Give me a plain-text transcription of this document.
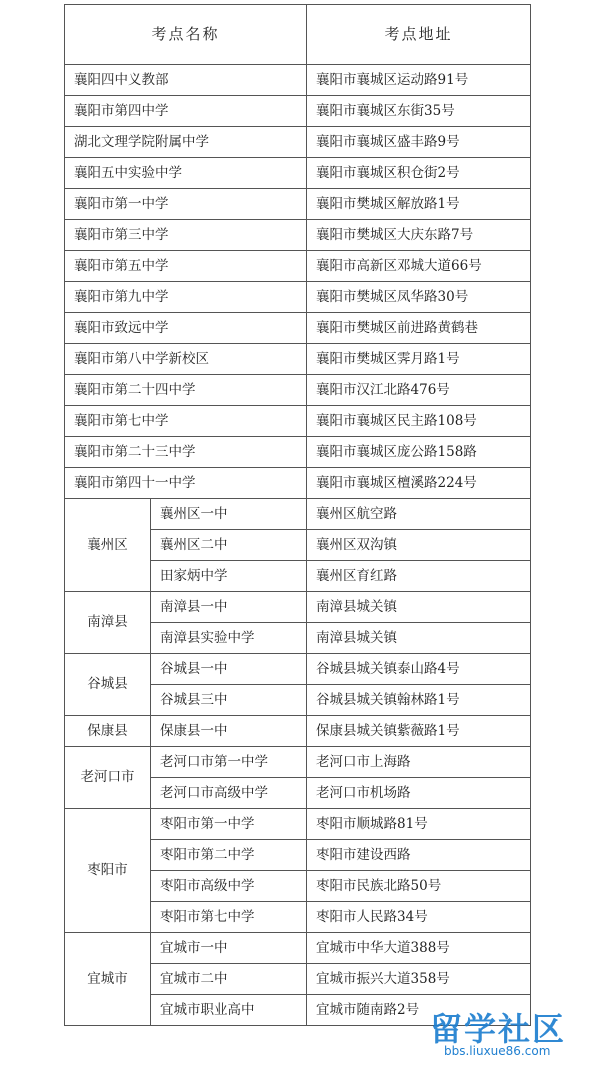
考点名称		考点地址
襄阳四中义教部		襄阳市襄城区运动路91号
襄阳市第四中学		襄阳市襄城区东街35号
湖北文理学院附属中学		襄阳市襄城区盛丰路9号
襄阳五中实验中学		襄阳市襄城区积仓街2号
襄阳市第一中学		襄阳市樊城区解放路1号
襄阳市第三中学		襄阳市樊城区大庆东路7号
襄阳市第五中学		襄阳市高新区邓城大道66号
襄阳市第九中学		襄阳市樊城区凤华路30号
襄阳市致远中学		襄阳市樊城区前进路黄鹤巷
襄阳市第八中学新校区		襄阳市樊城区霁月路1号
襄阳市第二十四中学		襄阳市汉江北路476号
襄阳市第七中学		襄阳市襄城区民主路108号
襄阳市第二十三中学		襄阳市襄城区庞公路158路
襄阳市第四十一中学		襄阳市襄城区檀溪路224号
襄州区	襄州区一中	襄州区航空路
	襄州区二中	襄州区双沟镇
	田家炳中学	襄州区育红路
南漳县	南漳县一中	南漳县城关镇
	南漳县实验中学	南漳县城关镇
谷城县	谷城县一中	谷城县城关镇泰山路4号
	谷城县三中	谷城县城关镇翰林路1号
保康县	保康县一中	保康县城关镇紫薇路1号
老河口市	老河口市第一中学	老河口市上海路
	老河口市高级中学	老河口市机场路
枣阳市	枣阳市第一中学	枣阳市顺城路81号
	枣阳市第二中学	枣阳市建设西路
	枣阳市高级中学	枣阳市民族北路50号
	枣阳市第七中学	枣阳市人民路34号
宜城市	宜城市一中	宜城市中华大道388号
	宜城市二中	宜城市振兴大道358号
	宜城市职业高中	宜城市随南路2号
留学社区
bbs.liuxue86.com
